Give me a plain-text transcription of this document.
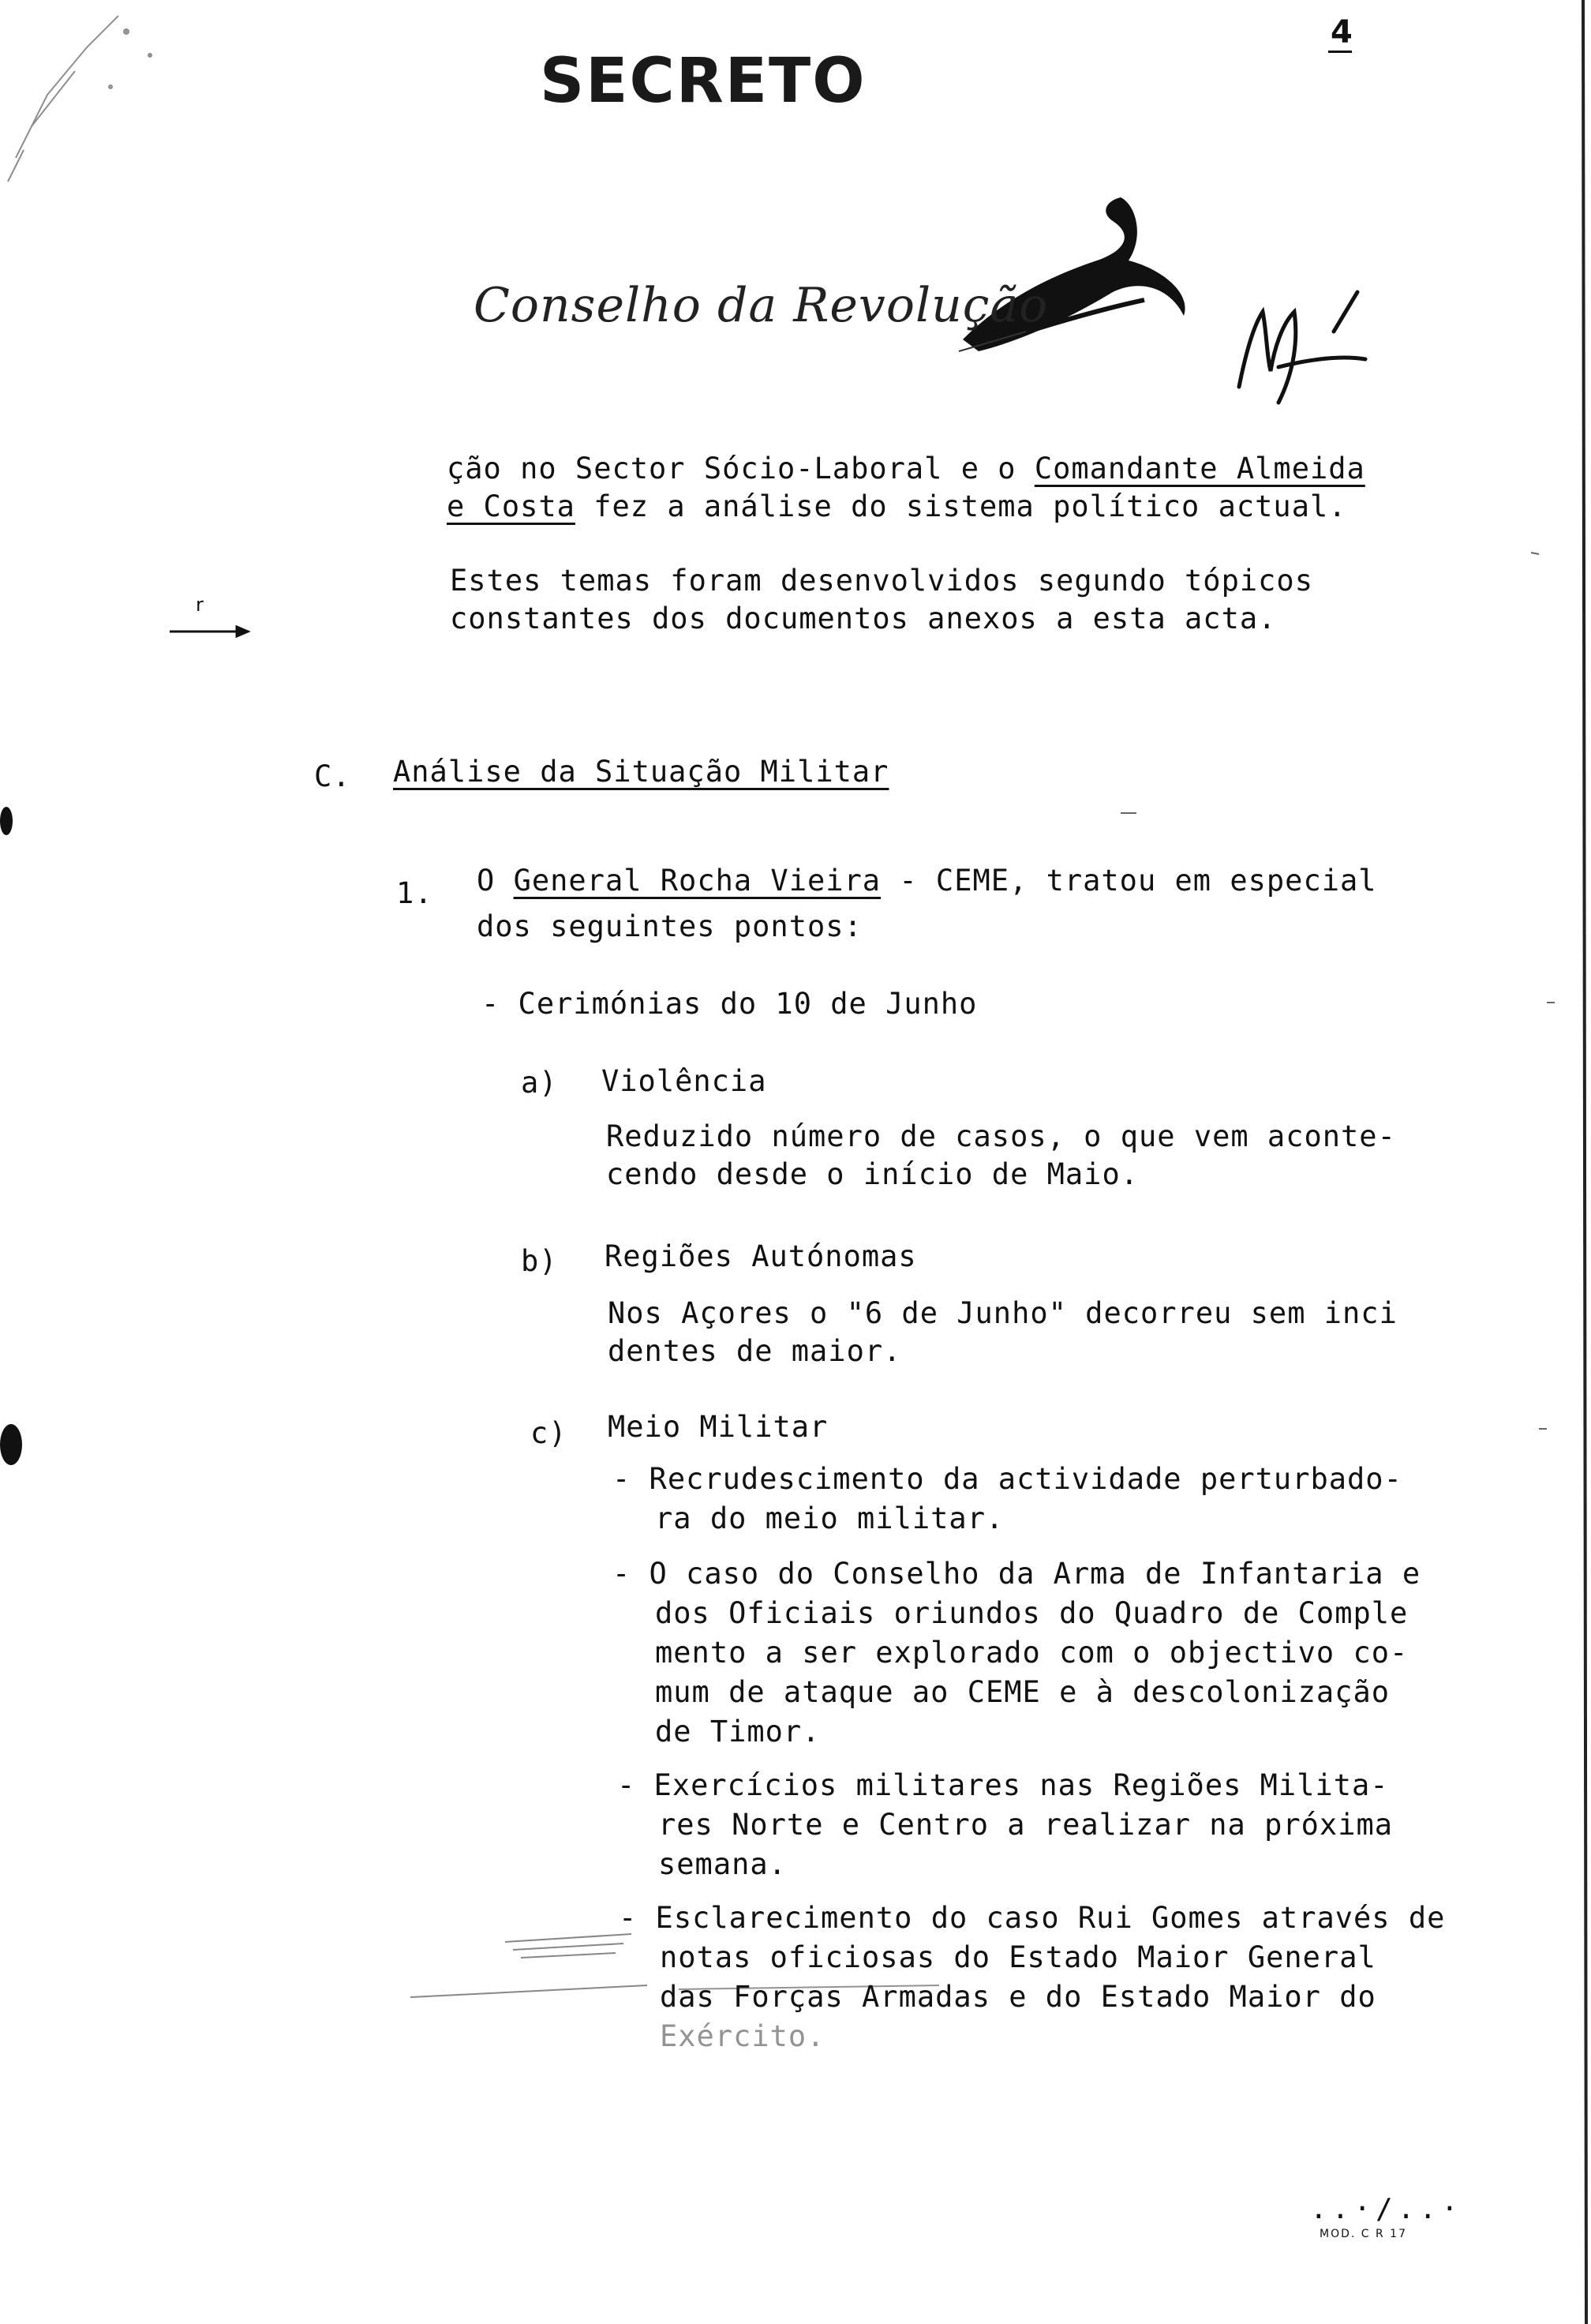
4
SECRETO
Conselho da Revolução
ção no Sector Sócio-Laboral e o Comandante Almeida
e Costa fez a análise do sistema político actual.
Estes temas foram desenvolvidos segundo tópicos
constantes dos documentos anexos a esta acta.
r
C. Análise da Situação Militar
1. O General Rocha Vieira - CEME, tratou em especial
dos seguintes pontos:
- Cerimónias do 10 de Junho
a) Violência
Reduzido número de casos, o que vem aconte-
cendo desde o início de Maio.
b) Regiões Autónomas
Nos Açores o "6 de Junho" decorreu sem inci
dentes de maior.
c) Meio Militar
- Recrudescimento da actividade perturbado-
ra do meio militar.
- O caso do Conselho da Arma de Infantaria e
dos Oficiais oriundos do Quadro de Comple
mento a ser explorado com o objectivo co-
mum de ataque ao CEME e à descolonização
de Timor.
- Exercícios militares nas Regiões Milita-
res Norte e Centro a realizar na próxima
semana.
- Esclarecimento do caso Rui Gomes através de
notas oficiosas do Estado Maior General
das Forças Armadas e do Estado Maior do
Exército.
..·/..·
MOD. C R 17
